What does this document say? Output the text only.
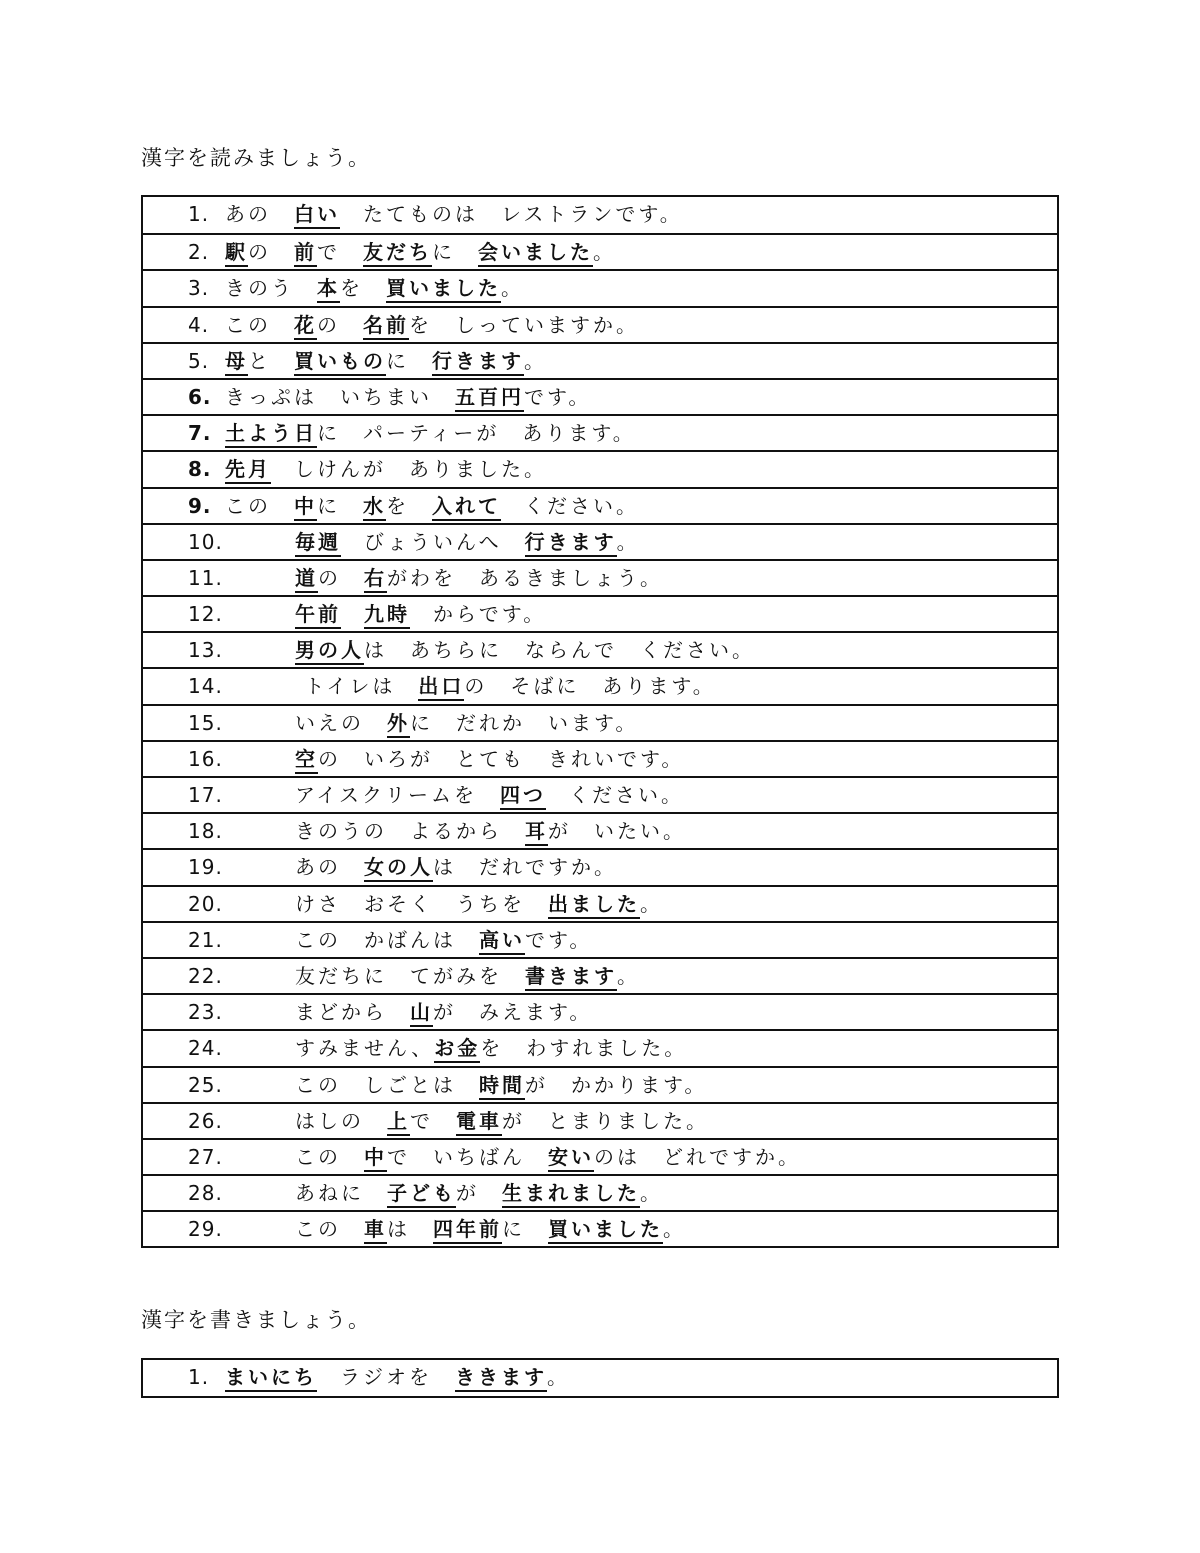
漢字を読みましょう。
1. あの　白い　たてものは　レストランです。
2. 駅の　前で　友だちに　会いました。
3. きのう　本を　買いました。
4. この　花の　名前を　しっていますか。
5. 母と　買いものに　行きます。
6. きっぷは　いちまい　五百円です。
7. 土よう日に　パーティーが　あります。
8. 先月　しけんが　ありました。
9. この　中に　水を　入れて　ください。
10.	毎週　びょういんへ　行きます。
11.	道の　右がわを　あるきましょう。
12.	午前　 九時　からです。
13.	男の人は　あちらに　ならんで　ください。
14.	トイレは　出口の　そばに　あります。
15.	いえの　外に　だれか　います。
16.	空の　いろが　とても　きれいです。
17.	アイスクリームを　四つ　ください。
18.	きのうの　よるから　耳が　いたい。
19.	あの　女の人は　だれですか。
20.	けさ　おそく　うちを　出ました。
21.	この　かばんは　高いです。
22.	友だちに　てがみを　書きます。
23.	まどから　山が　みえます。
24.	すみません、お金を　わすれました。
25.	この　しごとは　時間が　かかります。
26.	はしの　上で　電車が　とまりました。
27.	この　中で　いちばん　安いのは　どれですか。
28.	あねに　子どもが　生まれました。
29.	この　車は　四年前に　買いました。
漢字を書きましょう。
1. まいにち　ラジオを　ききます。
